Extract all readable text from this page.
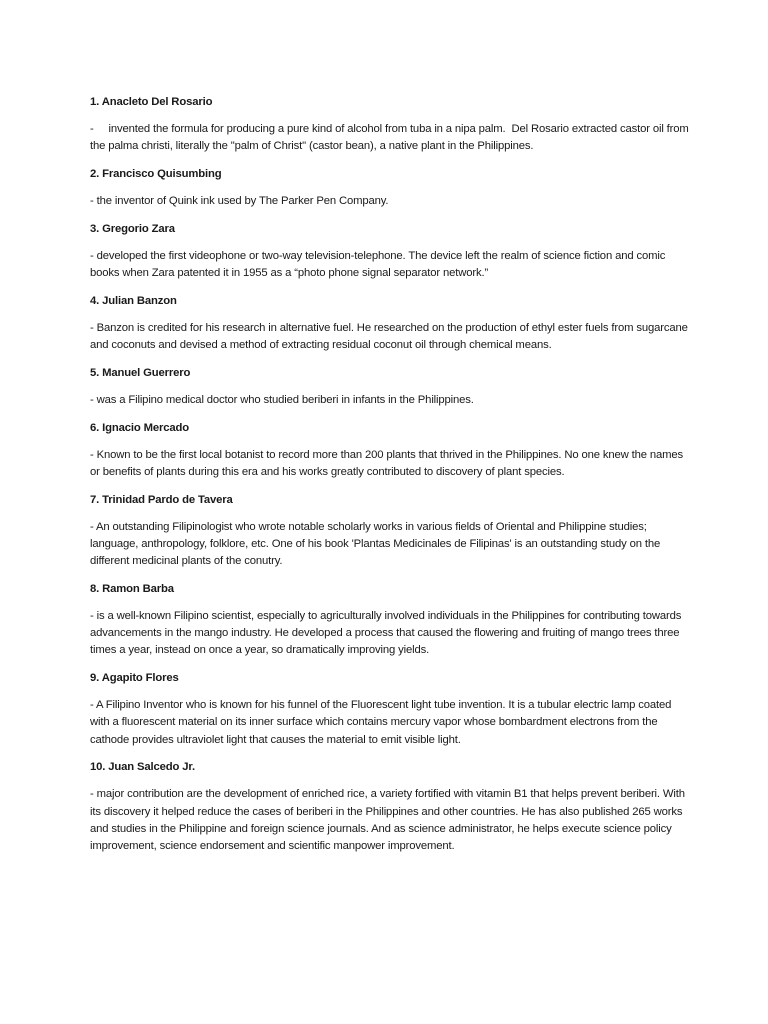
1. Anacleto Del Rosario
-     invented the formula for producing a pure kind of alcohol from tuba in a nipa palm.  Del Rosario extracted castor oil from the palma christi, literally the "palm of Christ" (castor bean), a native plant in the Philippines.
2. Francisco Quisumbing
- the inventor of Quink ink used by The Parker Pen Company.
3. Gregorio Zara
- developed the first videophone or two-way television-telephone. The device left the realm of science fiction and comic books when Zara patented it in 1955 as a “photo phone signal separator network.”
4. Julian Banzon
- Banzon is credited for his research in alternative fuel. He researched on the production of ethyl ester fuels from sugarcane and coconuts and devised a method of extracting residual coconut oil through chemical means.
5. Manuel Guerrero
- was a Filipino medical doctor who studied beriberi in infants in the Philippines.
6. Ignacio Mercado
- Known to be the first local botanist to record more than 200 plants that thrived in the Philippines. No one knew the names or benefits of plants during this era and his works greatly contributed to discovery of plant species.
7. Trinidad Pardo de Tavera
- An outstanding Filipinologist who wrote notable scholarly works in various fields of Oriental and Philippine studies; language, anthropology, folklore, etc. One of his book 'Plantas Medicinales de Filipinas' is an outstanding study on the different medicinal plants of the conutry.
8. Ramon Barba
- is a well-known Filipino scientist, especially to agriculturally involved individuals in the Philippines for contributing towards advancements in the mango industry. He developed a process that caused the flowering and fruiting of mango trees three times a year, instead on once a year, so dramatically improving yields.
9. Agapito Flores
- A Filipino Inventor who is known for his funnel of the Fluorescent light tube invention. It is a tubular electric lamp coated with a fluorescent material on its inner surface which contains mercury vapor whose bombardment electrons from the cathode provides ultraviolet light that causes the material to emit visible light.
10. Juan Salcedo Jr.
- major contribution are the development of enriched rice, a variety fortified with vitamin B1 that helps prevent beriberi. With its discovery it helped reduce the cases of beriberi in the Philippines and other countries. He has also published 265 works and studies in the Philippine and foreign science journals. And as science administrator, he helps execute science policy improvement, science endorsement and scientific manpower improvement.
